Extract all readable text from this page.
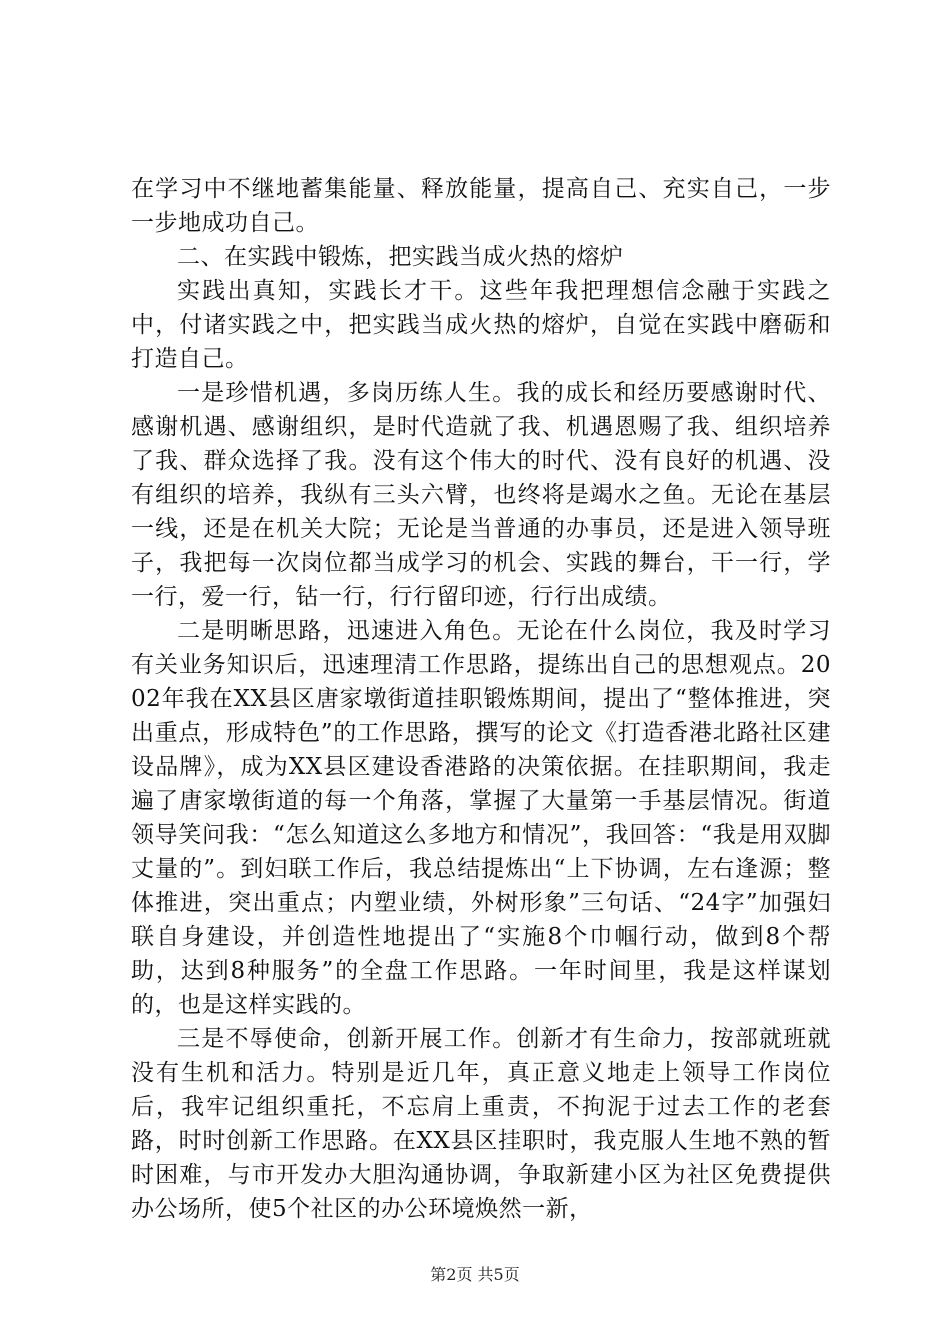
在学习中不继地蓄集能量、释放能量，提高自己、充实自己，一步一步地成功自己。

二、在实践中锻炼，把实践当成火热的熔炉

实践出真知，实践长才干。这些年我把理想信念融于实践之中，付诸实践之中，把实践当成火热的熔炉，自觉在实践中磨砺和打造自己。

一是珍惜机遇，多岗历练人生。我的成长和经历要感谢时代、感谢机遇、感谢组织，是时代造就了我、机遇恩赐了我、组织培养了我、群众选择了我。没有这个伟大的时代、没有良好的机遇、没有组织的培养，我纵有三头六臂，也终将是竭水之鱼。无论在基层一线，还是在机关大院；无论是当普通的办事员，还是进入领导班子，我把每一次岗位都当成学习的机会、实践的舞台，干一行，学一行，爱一行，钻一行，行行留印迹，行行出成绩。

二是明晰思路，迅速进入角色。无论在什么岗位，我及时学习有关业务知识后，迅速理清工作思路，提练出自己的思想观点。2002年我在XX县区唐家墩街道挂职锻炼期间，提出了“整体推进，突出重点，形成特色”的工作思路，撰写的论文《打造香港北路社区建设品牌》，成为XX县区建设香港路的决策依据。在挂职期间，我走遍了唐家墩街道的每一个角落，掌握了大量第一手基层情况。街道领导笑问我：“怎么知道这么多地方和情况”，我回答：“我是用双脚丈量的”。到妇联工作后，我总结提炼出“上下协调，左右逢源；整体推进，突出重点；内塑业绩，外树形象”三句话、“24字”加强妇联自身建设，并创造性地提出了“实施8个巾帼行动，做到8个帮助，达到8种服务”的全盘工作思路。一年时间里，我是这样谋划的，也是这样实践的。

三是不辱使命，创新开展工作。创新才有生命力，按部就班就没有生机和活力。特别是近几年，真正意义地走上领导工作岗位后，我牢记组织重托，不忘肩上重责，不拘泥于过去工作的老套路，时时创新工作思路。在XX县区挂职时，我克服人生地不熟的暂时困难，与市开发办大胆沟通协调，争取新建小区为社区免费提供办公场所，使5个社区的办公环境焕然一新，

第2页 共5页
